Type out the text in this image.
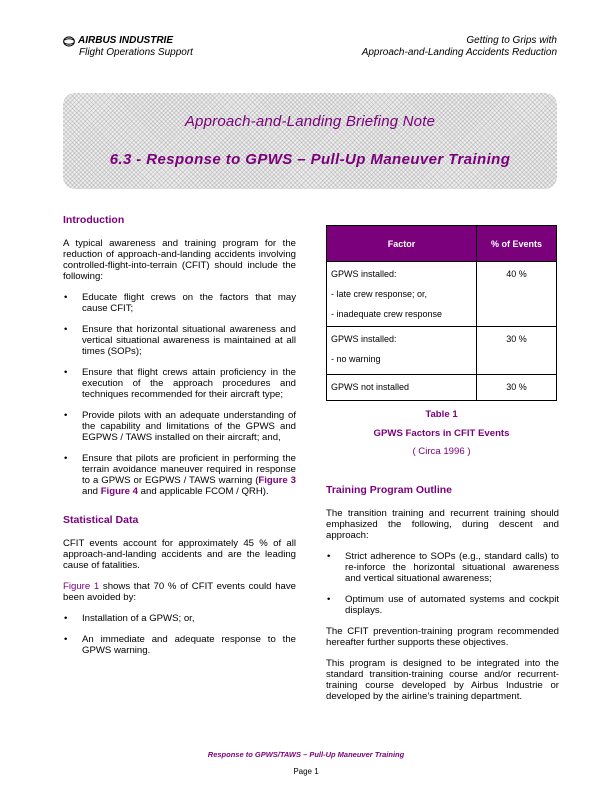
AIRBUS INDUSTRIE
Flight Operations Support
Getting to Grips with
Approach-and-Landing Accidents Reduction
Approach-and-Landing Briefing Note
6.3 - Response to GPWS – Pull-Up Maneuver Training
Introduction

A typical awareness and training program for the reduction of approach-and-landing accidents involving controlled-flight-into-terrain (CFIT) should include the following:

• Educate flight crews on the factors that may cause CFIT;
• Ensure that horizontal situational awareness and vertical situational awareness is maintained at all times (SOPs);
• Ensure that flight crews attain proficiency in the execution of the approach procedures and techniques recommended for their aircraft type;
• Provide pilots with an adequate understanding of the capability and limitations of the GPWS and EGPWS / TAWS installed on their aircraft; and,
• Ensure that pilots are proficient in performing the terrain avoidance maneuver required in response to a GPWS or EGPWS / TAWS warning (Figure 3 and Figure 4 and applicable FCOM / QRH).
Statistical Data

CFIT events account for approximately 45 % of all approach-and-landing accidents and are the leading cause of fatalities.

Figure 1 shows that 70 % of CFIT events could have been avoided by:

• Installation of a GPWS; or,
• An immediate and adequate response to the GPWS warning.
Factor	% of Events

GPWS installed:
- late crew response; or,
- inadequate crew response	40 %

GPWS installed:
- no warning	30 %

GPWS not installed	30 %
Table 1
GPWS Factors in CFIT Events
( Circa 1996 )
Training Program Outline

The transition training and recurrent training should emphasized the following, during descent and approach:

• Strict adherence to SOPs (e.g., standard calls) to re-inforce the horizontal situational awareness and vertical situational awareness;
• Optimum use of automated systems and cockpit displays.

The CFIT prevention-training program recommended hereafter further supports these objectives.

This program is designed to be integrated into the standard transition-training course and/or recurrent-training course developed by Airbus Industrie or developed by the airline’s training department.

Response to GPWS/TAWS – Pull-Up Maneuver Training
Page 1
